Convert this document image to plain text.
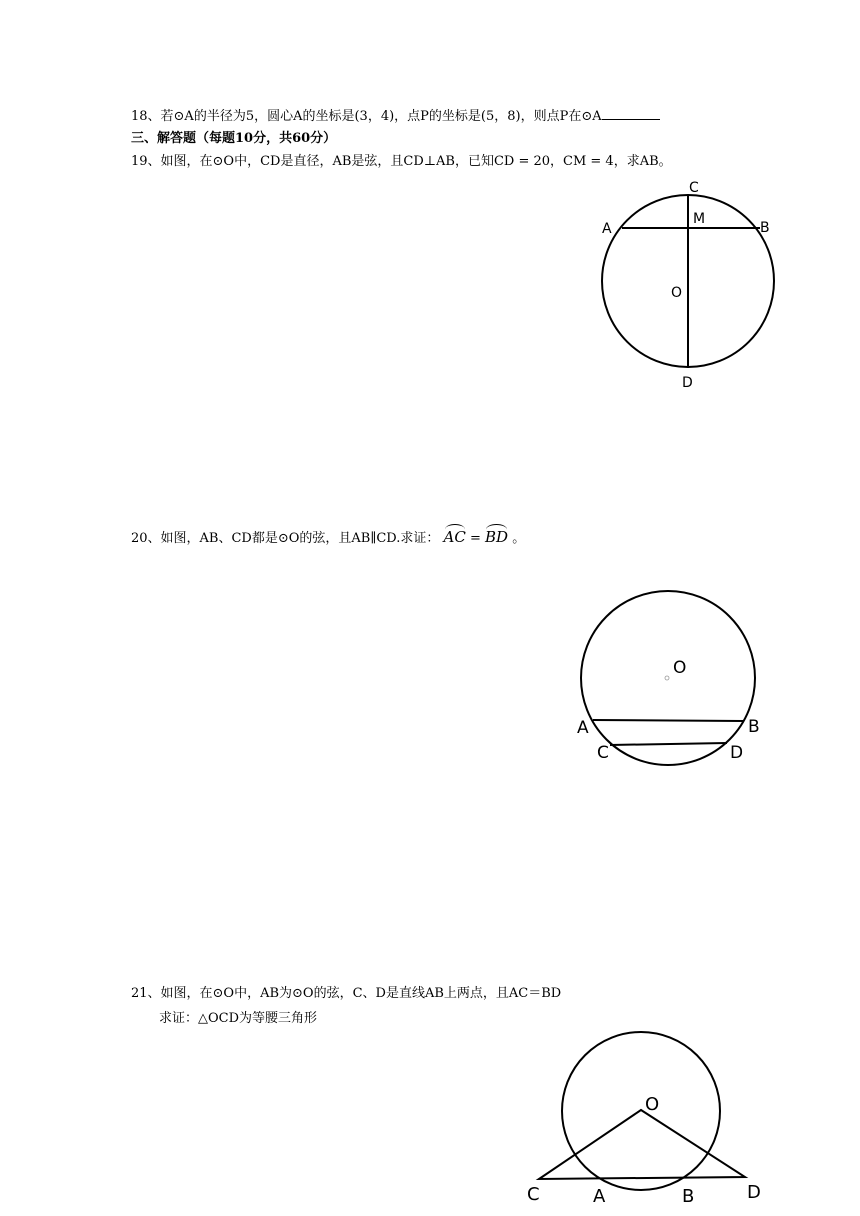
18、若⊙A的半径为5，圆心A的坐标是(3，4)，点P的坐标是(5，8)，则点P在⊙A
三、解答题（每题10分，共60分）
19、如图，在⊙O中，CD是直径，AB是弦，且CD⊥AB，已知CD = 20，CM = 4，求AB。
C
M
A	B
O
D
20、如图，AB、CD都是⊙O的弦，且AB∥CD.求证： AC = BD 。
O
A	B
C	D
21、如图，在⊙O中，AB为⊙O的弦，C、D是直线AB上两点，且AC＝BD
求证：△OCD为等腰三角形
O
C	A	B	D
